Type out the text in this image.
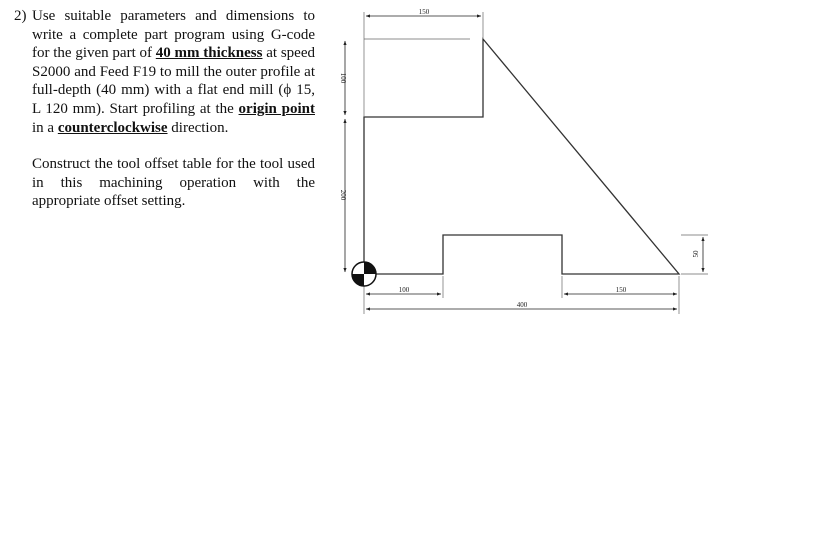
2) Use suitable parameters and dimensions to write a complete part program using G-code for the given part of 40 mm thickness at speed S2000 and Feed F19 to mill the outer profile at full-depth (40 mm) with a flat end mill (ϕ 15, L 120 mm). Start profiling at the origin point in a counterclockwise direction.

Construct the tool offset table for the tool used in this machining operation with the appropriate offset setting.

150
100
200
100	150
400
50
